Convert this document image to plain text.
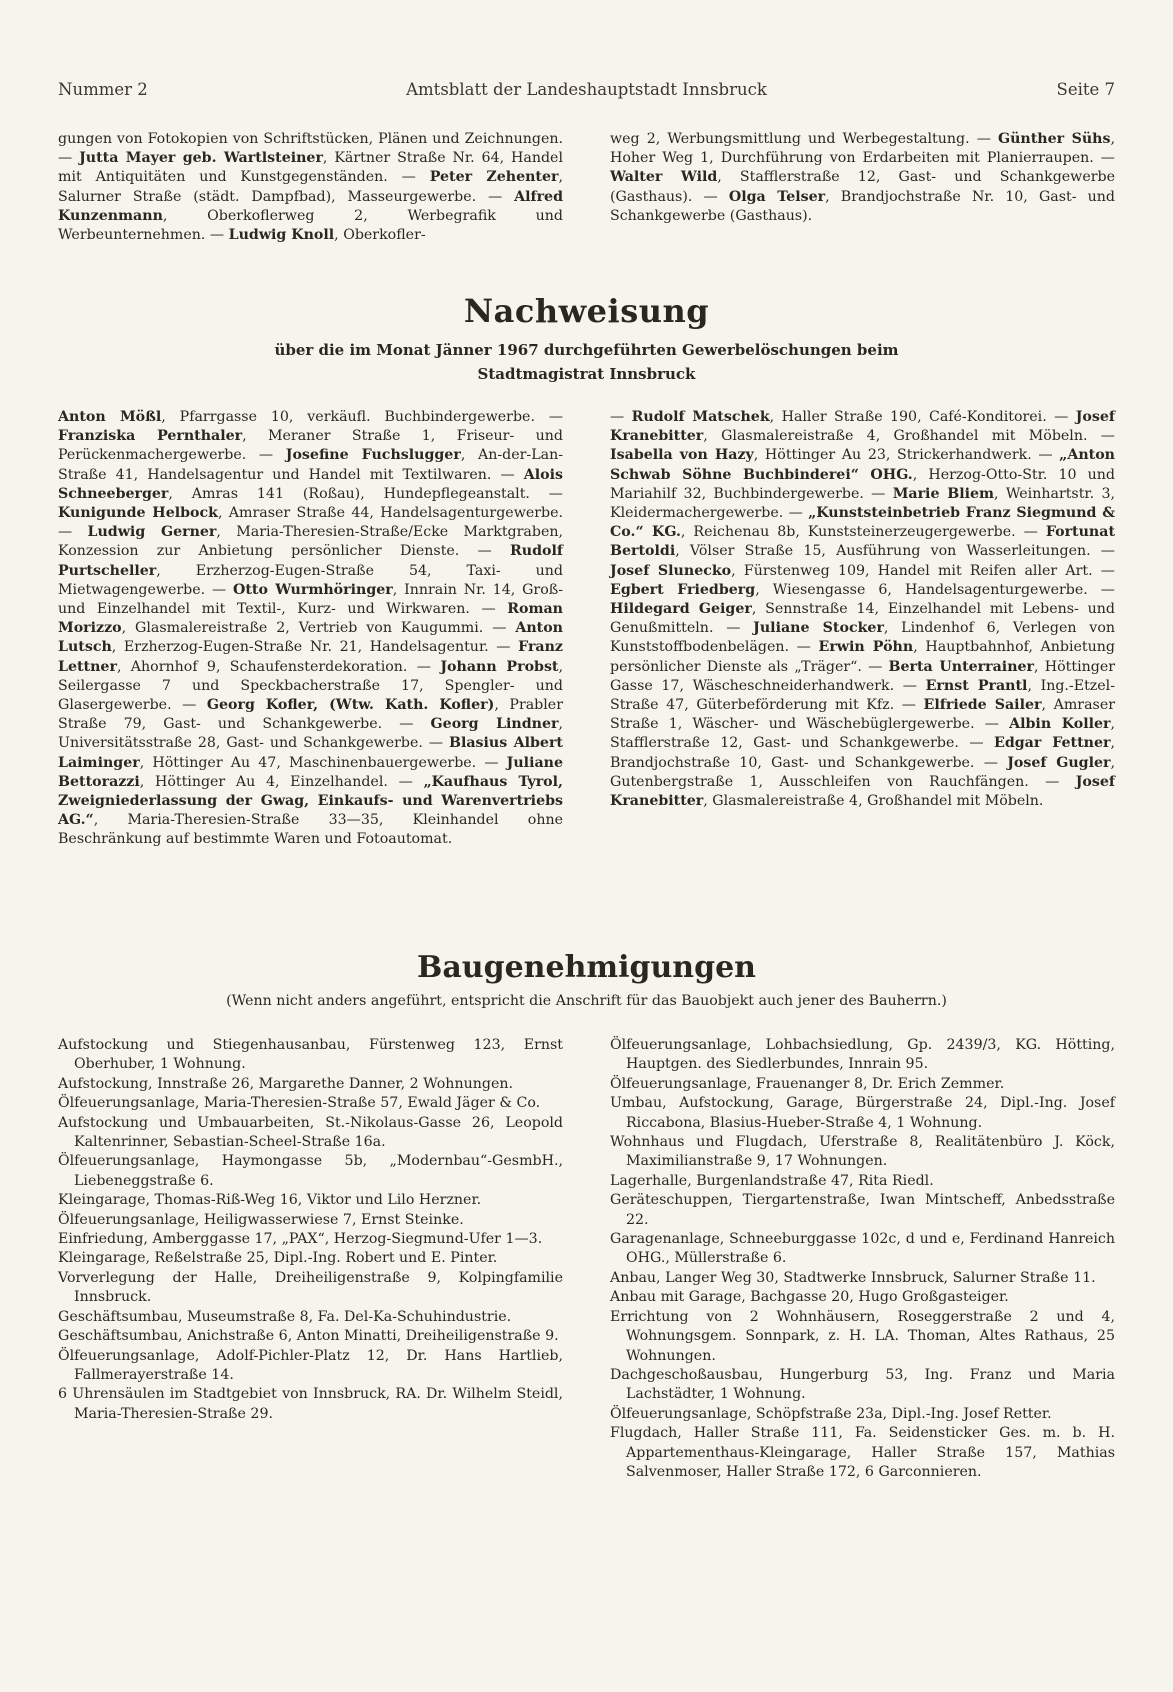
Nummer 2	Amtsblatt der Landeshauptstadt Innsbruck	Seite 7

gungen von Fotokopien von Schriftstücken, Plänen und Zeichnungen. — Jutta Mayer geb. Wartlsteiner, Kärtner Straße Nr. 64, Handel mit Antiquitäten und Kunstgegenständen. — Peter Zehenter, Salurner Straße (städt. Dampfbad), Masseurgewerbe. — Alfred Kunzenmann, Oberkoflerweg 2, Werbegrafik und Werbeunternehmen. — Ludwig Knoll, Oberkofler-

weg 2, Werbungsmittlung und Werbegestaltung. — Günther Sühs, Hoher Weg 1, Durchführung von Erdarbeiten mit Planierraupen. — Walter Wild, Stafflerstraße 12, Gast- und Schankgewerbe (Gasthaus). — Olga Telser, Brandjochstraße Nr. 10, Gast- und Schankgewerbe (Gasthaus).

Nachweisung
über die im Monat Jänner 1967 durchgeführten Gewerbelöschungen beim
Stadtmagistrat Innsbruck

Anton Mößl, Pfarrgasse 10, verkäufl. Buchbindergewerbe. — Franziska Pernthaler, Meraner Straße 1, Friseur- und Perückenmachergewerbe. — Josefine Fuchslugger, An-der-Lan-Straße 41, Handelsagentur und Handel mit Textilwaren. — Alois Schneeberger, Amras 141 (Roßau), Hundepflegeanstalt. — Kunigunde Helbock, Amraser Straße 44, Handelsagenturgewerbe. — Ludwig Gerner, Maria-Theresien-Straße/Ecke Marktgraben, Konzession zur Anbietung persönlicher Dienste. — Rudolf Purtscheller, Erzherzog-Eugen-Straße 54, Taxi- und Mietwagengewerbe. — Otto Wurmhöringer, Innrain Nr. 14, Groß- und Einzelhandel mit Textil-, Kurz- und Wirkwaren. — Roman Morizzo, Glasmalereistraße 2, Vertrieb von Kaugummi. — Anton Lutsch, Erzherzog-Eugen-Straße Nr. 21, Handelsagentur. — Franz Lettner, Ahornhof 9, Schaufensterdekoration. — Johann Probst, Seilergasse 7 und Speckbacherstraße 17, Spengler- und Glasergewerbe. — Georg Kofler, (Wtw. Kath. Kofler), Prabler Straße 79, Gast- und Schankgewerbe. — Georg Lindner, Universitätsstraße 28, Gast- und Schankgewerbe. — Blasius Albert Laiminger, Höttinger Au 47, Maschinenbauergewerbe. — Juliane Bettorazzi, Höttinger Au 4, Einzelhandel. — „Kaufhaus Tyrol, Zweigniederlassung der Gwag, Einkaufs- und Warenvertriebs AG.“, Maria-Theresien-Straße 33—35, Kleinhandel ohne Beschränkung auf bestimmte Waren und Fotoautomat.

— Rudolf Matschek, Haller Straße 190, Café-Konditorei. — Josef Kranebitter, Glasmalereistraße 4, Großhandel mit Möbeln. — Isabella von Hazy, Höttinger Au 23, Strickerhandwerk. — „Anton Schwab Söhne Buchbinderei“ OHG., Herzog-Otto-Str. 10 und Mariahilf 32, Buchbindergewerbe. — Marie Bliem, Weinhartstr. 3, Kleidermachergewerbe. — „Kunststeinbetrieb Franz Siegmund & Co.“ KG., Reichenau 8b, Kunststeinerzeugergewerbe. — Fortunat Bertoldi, Völser Straße 15, Ausführung von Wasserleitungen. — Josef Slunecko, Fürstenweg 109, Handel mit Reifen aller Art. — Egbert Friedberg, Wiesengasse 6, Handelsagenturgewerbe. — Hildegard Geiger, Sennstraße 14, Einzelhandel mit Lebens- und Genußmitteln. — Juliane Stocker, Lindenhof 6, Verlegen von Kunststoffbodenbelägen. — Erwin Pöhn, Hauptbahnhof, Anbietung persönlicher Dienste als „Träger“. — Berta Unterrainer, Höttinger Gasse 17, Wäscheschneiderhandwerk. — Ernst Prantl, Ing.-Etzel-Straße 47, Güterbeförderung mit Kfz. — Elfriede Sailer, Amraser Straße 1, Wäscher- und Wäschebüglergewerbe. — Albin Koller, Stafflerstraße 12, Gast- und Schankgewerbe. — Edgar Fettner, Brandjochstraße 10, Gast- und Schankgewerbe. — Josef Gugler, Gutenbergstraße 1, Ausschleifen von Rauchfängen. — Josef Kranebitter, Glasmalereistraße 4, Großhandel mit Möbeln.

Baugenehmigungen
(Wenn nicht anders angeführt, entspricht die Anschrift für das Bauobjekt auch jener des Bauherrn.)
Aufstockung und Stiegenhausanbau, Fürstenweg 123, Ernst Oberhuber, 1 Wohnung.
Aufstockung, Innstraße 26, Margarethe Danner, 2 Wohnungen.
Ölfeuerungsanlage, Maria-Theresien-Straße 57, Ewald Jäger & Co.
Aufstockung und Umbauarbeiten, St.-Nikolaus-Gasse 26, Leopold Kaltenrinner, Sebastian-Scheel-Straße 16a.
Ölfeuerungsanlage, Haymongasse 5b, „Modernbau“-GesmbH., Liebeneggstraße 6.
Kleingarage, Thomas-Riß-Weg 16, Viktor und Lilo Herzner.
Ölfeuerungsanlage, Heiligwasserwiese 7, Ernst Steinke.
Einfriedung, Amberggasse 17, „PAX“, Herzog-Siegmund-Ufer 1—3.
Kleingarage, Reßelstraße 25, Dipl.-Ing. Robert und E. Pinter.
Vorverlegung der Halle, Dreiheiligenstraße 9, Kolpingfamilie Innsbruck.
Geschäftsumbau, Museumstraße 8, Fa. Del-Ka-Schuhindustrie.
Geschäftsumbau, Anichstraße 6, Anton Minatti, Dreiheiligenstraße 9.
Ölfeuerungsanlage, Adolf-Pichler-Platz 12, Dr. Hans Hartlieb, Fallmerayerstraße 14.
6 Uhrensäulen im Stadtgebiet von Innsbruck, RA. Dr. Wilhelm Steidl, Maria-Theresien-Straße 29.
Ölfeuerungsanlage, Lohbachsiedlung, Gp. 2439/3, KG. Hötting, Hauptgen. des Siedlerbundes, Innrain 95.
Ölfeuerungsanlage, Frauenanger 8, Dr. Erich Zemmer.
Umbau, Aufstockung, Garage, Bürgerstraße 24, Dipl.-Ing. Josef Riccabona, Blasius-Hueber-Straße 4, 1 Wohnung.
Wohnhaus und Flugdach, Uferstraße 8, Realitätenbüro J. Köck, Maximilianstraße 9, 17 Wohnungen.
Lagerhalle, Burgenlandstraße 47, Rita Riedl.
Geräteschuppen, Tiergartenstraße, Iwan Mintscheff, Anbedsstraße 22.
Garagenanlage, Schneeburggasse 102c, d und e, Ferdinand Hanreich OHG., Müllerstraße 6.
Anbau, Langer Weg 30, Stadtwerke Innsbruck, Salurner Straße 11.
Anbau mit Garage, Bachgasse 20, Hugo Großgasteiger.
Errichtung von 2 Wohnhäusern, Roseggerstraße 2 und 4, Wohnungsgem. Sonnpark, z. H. LA. Thoman, Altes Rathaus, 25 Wohnungen.
Dachgeschoßausbau, Hungerburg 53, Ing. Franz und Maria Lachstädter, 1 Wohnung.
Ölfeuerungsanlage, Schöpfstraße 23a, Dipl.-Ing. Josef Retter.
Flugdach, Haller Straße 111, Fa. Seidensticker Ges. m. b. H. Appartementhaus-Kleingarage, Haller Straße 157, Mathias Salvenmoser, Haller Straße 172, 6 Garconnieren.
